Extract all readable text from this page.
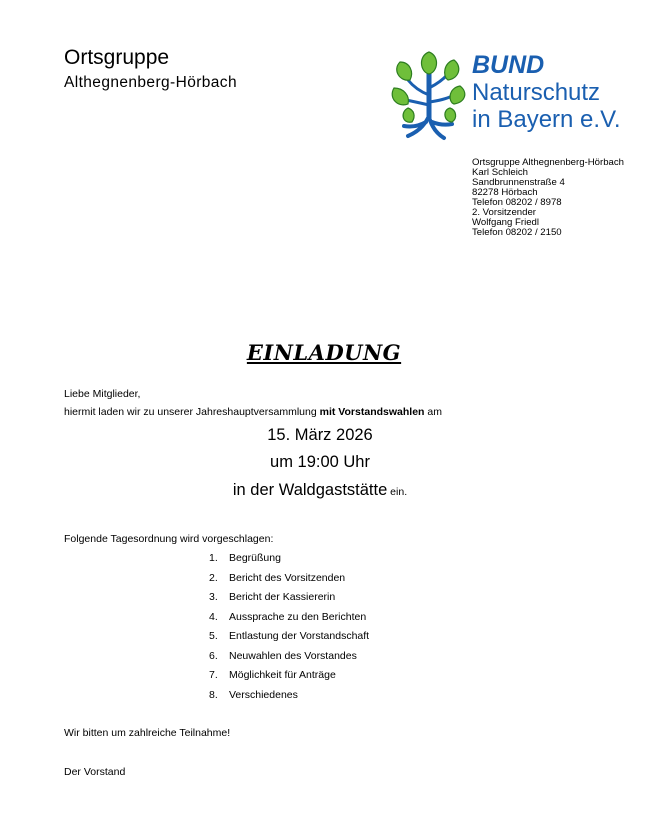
Ortsgruppe
Althegnenberg-Hörbach
BUND
Naturschutz
in Bayern e.V.
Ortsgruppe Althegnenberg-Hörbach
Karl Schleich
Sandbrunnenstraße 4
82278 Hörbach
Telefon 08202 / 8978
2. Vorsitzender
Wolfgang Friedl
Telefon 08202 / 2150
EINLADUNG
Liebe Mitglieder,
hiermit laden wir zu unserer Jahreshauptversammlung mit Vorstandswahlen am
15. März 2026
um 19:00 Uhr
in der Waldgaststätte ein.
Folgende Tagesordnung wird vorgeschlagen:
1.	Begrüßung
2.	Bericht des Vorsitzenden
3.	Bericht der Kassiererin
4.	Aussprache zu den Berichten
5.	Entlastung der Vorstandschaft
6.	Neuwahlen des Vorstandes
7.	Möglichkeit für Anträge
8.	Verschiedenes
Wir bitten um zahlreiche Teilnahme!
Der Vorstand
